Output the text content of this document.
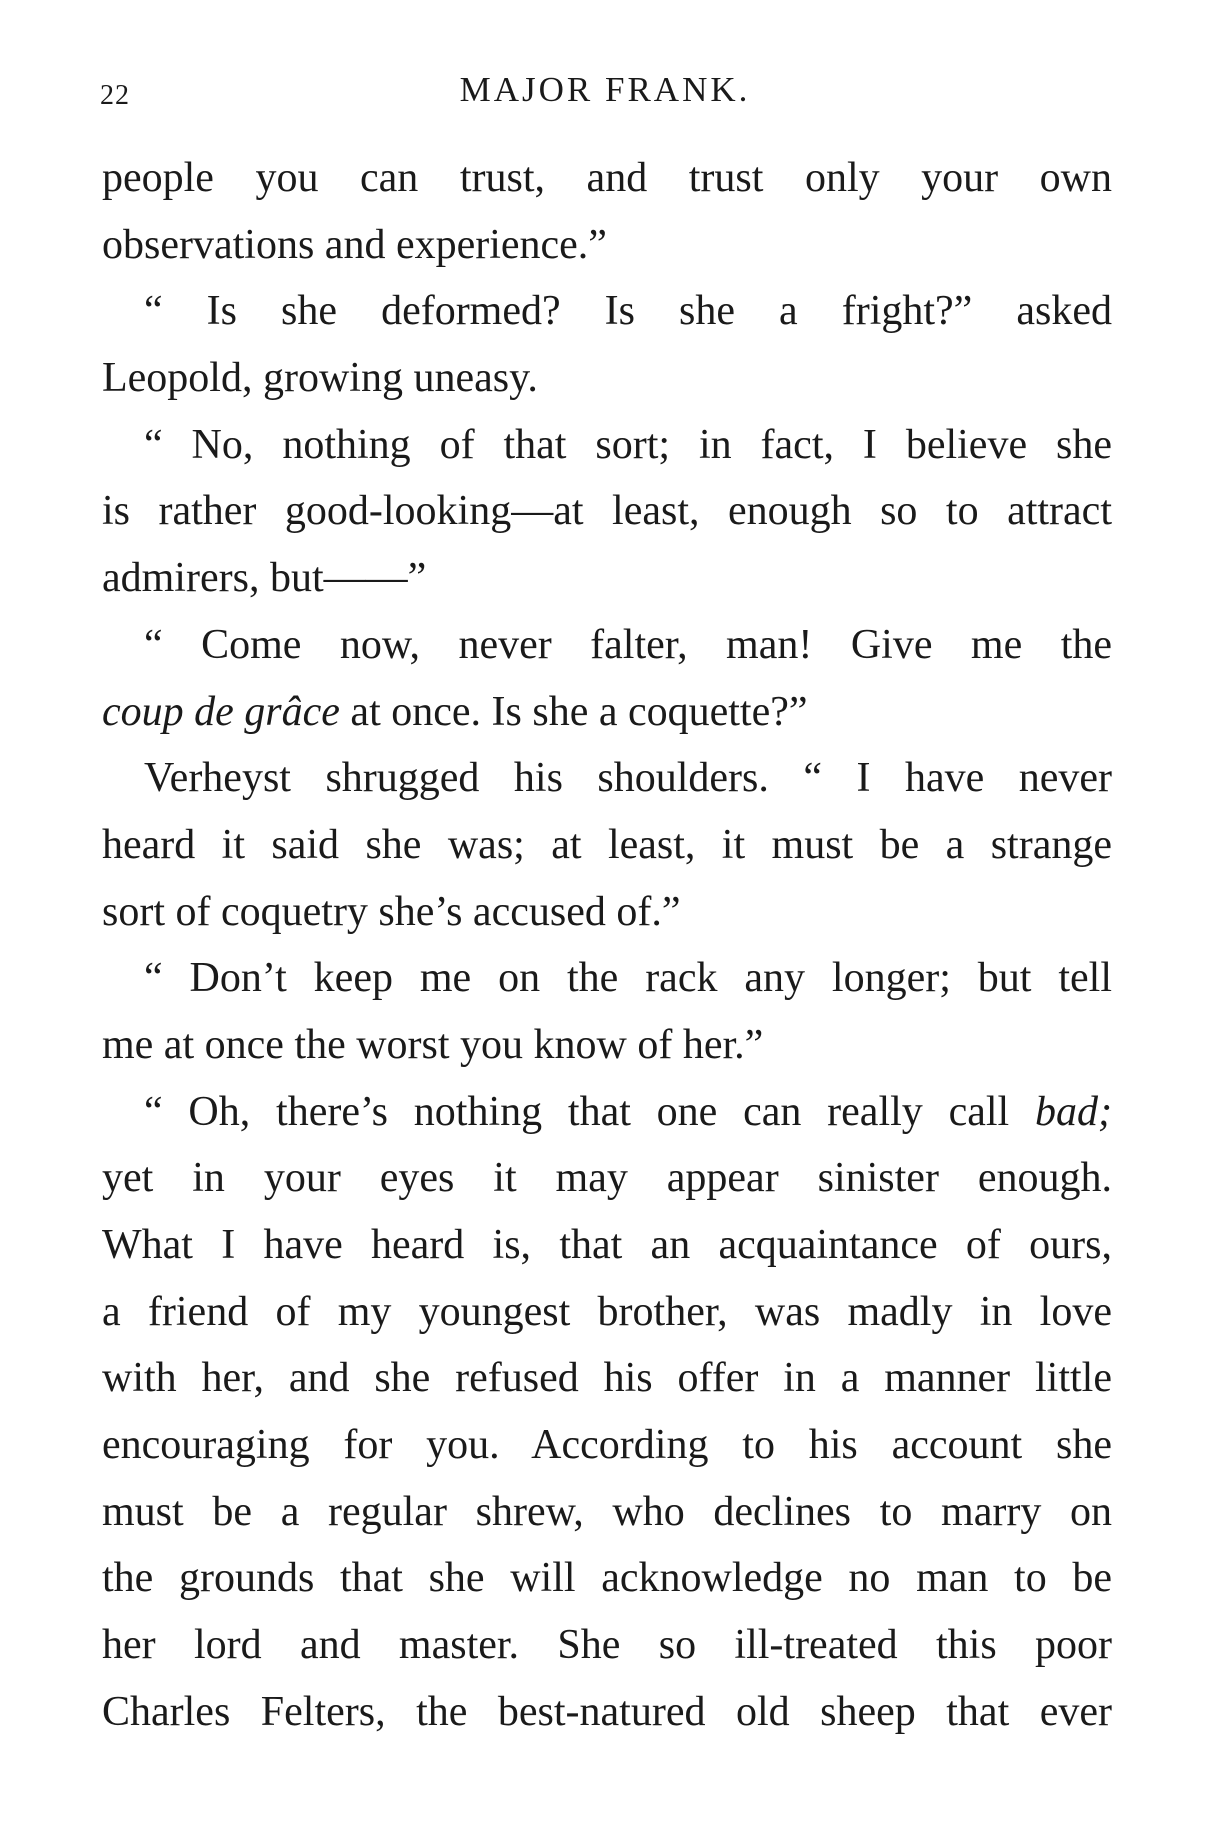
22	MAJOR FRANK.
people you can trust, and trust only your own
observations and experience.”
“ Is she deformed? Is she a fright?” asked
Leopold, growing uneasy.
“ No, nothing of that sort; in fact, I believe she
is rather good-looking—at least, enough so to attract
admirers, but——”
“ Come now, never falter, man! Give me the
coup de grâce at once. Is she a coquette?”
Verheyst shrugged his shoulders. “ I have never
heard it said she was; at least, it must be a strange
sort of coquetry she’s accused of.”
“ Don’t keep me on the rack any longer; but tell
me at once the worst you know of her.”
“ Oh, there’s nothing that one can really call bad;
yet in your eyes it may appear sinister enough.
What I have heard is, that an acquaintance of ours,
a friend of my youngest brother, was madly in love
with her, and she refused his offer in a manner little
encouraging for you. According to his account she
must be a regular shrew, who declines to marry on
the grounds that she will acknowledge no man to be
her lord and master. She so ill-treated this poor
Charles Felters, the best-natured old sheep that ever
